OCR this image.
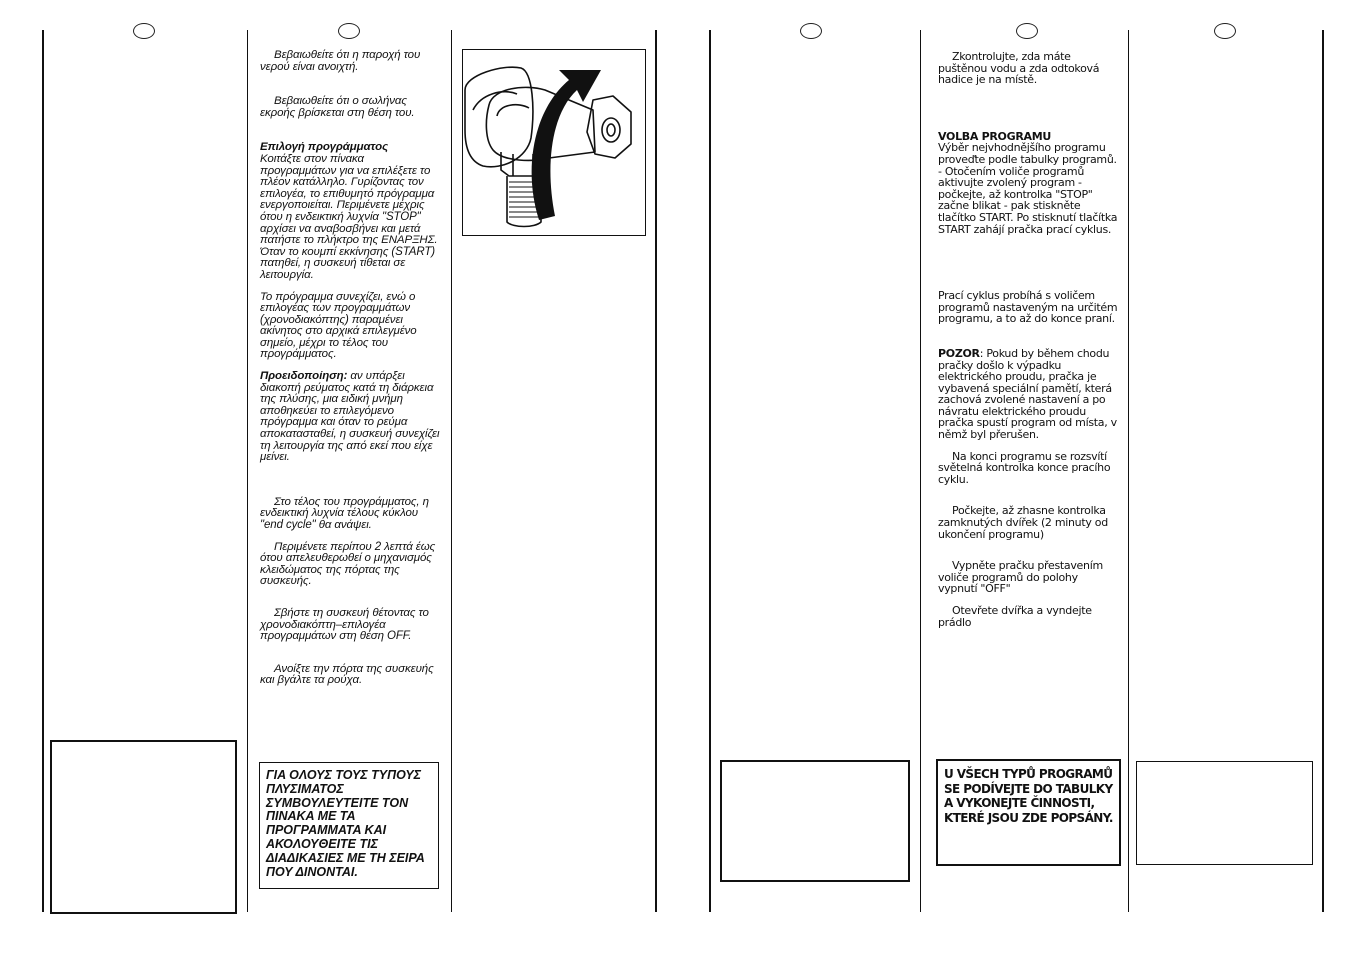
Βεβαιωθείτε ότι η παροχή του νερού είναι ανοιχτή.

Βεβαιωθείτε ότι ο σωλήνας εκροής βρίσκεται στη θέση του.

Επιλογή προγράμματος

Κοιτάξτε στον πίνακα προγραμμάτων για να επιλέξετε το πλέον κατάλληλο. Γυρίζοντας τον επιλογέα, το επιθυμητό πρόγραμμα ενεργοποιείται. Περιμένετε μέχρις ότου η ενδεικτική λυχνία "STOP" αρχίσει να αναβοσβήνει και μετά πατήστε το πλήκτρο της ΕΝΑΡΞΗΣ. Όταν το κουμπί εκκίνησης (START) πατηθεί, η συσκευή τίθεται σε λειτουργία.

Το πρόγραμμα συνεχίζει, ενώ ο επιλογέας των προγραμμάτων (χρονοδιακόπτης) παραμένει ακίνητος στο αρχικά επιλεγμένο σημείο, μέχρι το τέλος του προγράμματος.

Προειδοποίηση: αν υπάρξει διακοπή ρεύματος κατά τη διάρκεια της πλύσης, μια ειδική μνήμη αποθηκεύει το επιλεγόμενο πρόγραμμα και όταν το ρεύμα αποκατασταθεί, η συσκευή συνεχίζει τη λειτουργία της από εκεί που είχε μείνει.

Στο τέλος του προγράμματος, η ενδεικτική λυχνία τέλους κύκλου "end cycle" θα ανάψει.

Περιμένετε περίπου 2 λεπτά έως ότου απελευθερωθεί ο μηχανισμός κλειδώματος της πόρτας της συσκευής.

Σβήστε τη συσκευή θέτοντας το χρονοδιακόπτη–επιλογέα προγραμμάτων στη θέση OFF.

Ανοίξτε την πόρτα της συσκευής και βγάλτε τα ρούχα.

ΓΙΑ ΟΛΟΥΣ ΤΟΥΣ ΤΥΠΟΥΣ ΠΛΥΣΙΜΑΤΟΣ ΣΥΜΒΟΥΛΕΥΤΕΙΤΕ ΤΟΝ ΠΙΝΑΚΑ ΜΕ ΤΑ ΠΡΟΓΡΑΜΜΑΤΑ ΚΑΙ ΑΚΟΛΟΥΘΕΙΤΕ ΤΙΣ ΔΙΑΔΙΚΑΣΙΕΣ ΜΕ ΤΗ ΣΕΙΡΑ ΠΟΥ ΔΙΝΟΝΤΑΙ.

Zkontrolujte, zda máte puštěnou vodu a zda odtoková hadice je na místě.

VOLBA PROGRAMU

Výběr nejvhodnějšího programu proveďte podle tabulky programů. - Otočením voliče programů aktivujte zvolený program - počkejte, až kontrolka "STOP" začne blikat - pak stiskněte tlačítko START. Po stisknutí tlačítka START zahájí pračka prací cyklus.

Prací cyklus probíhá s voličem programů nastaveným na určitém programu, a to až do konce praní.

POZOR: Pokud by během chodu pračky došlo k výpadku elektrického proudu, pračka je vybavená speciální pamětí, která zachová zvolené nastavení a po návratu elektrického proudu pračka spustí program od místa, v němž byl přerušen.

Na konci programu se rozsvítí světelná kontrolka konce pracího cyklu.

Počkejte, až zhasne kontrolka zamknutých dvířek (2 minuty od ukončení programu)

Vypněte pračku přestavením voliče programů do polohy vypnutí "OFF"

Otevřete dvířka a vyndejte prádlo

U VŠECH TYPŮ PROGRAMŮ SE PODÍVEJTE DO TABULKY A VYKONEJTE ČINNOSTI, KTERÉ JSOU ZDE POPSÁNY.
